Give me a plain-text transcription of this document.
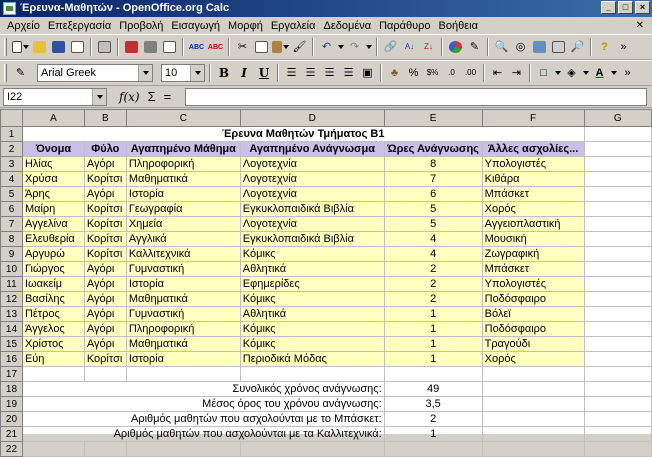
Έρευνα-Μαθητών - OpenOffice.org Calc	_	□	×
Αρχείο Επεξεργασία Προβολή Εισαγωγή Μορφή Εργαλεία Δεδομένα Παράθυρο Βοήθεια	✕
ABC ABC	✂	🖌	↶	↷	🔗 A↓	Z↓	✎	🔍 ◎	🔎	?	»
✎	Arial Greek	10	B	I U	☰ ☰ ☰ ☰ ▣	♣ %	$%	.0	.00	⇤ ⇥	□	◈	A	»
I22	f(x) Σ =
	A	B	C	D	E	F	G
1	Έρευνα Μαθητών Τμήματος Β1						
2	Όνομα	Φύλο	Αγαπημένο Μάθημα	Αγαπημένο Ανάγνωσμα	Ώρες Ανάγνωσης	Άλλες ασχολίες...	
3	Ηλίας	Αγόρι	Πληροφορική	Λογοτεχνία	8	Υπολογιστές	
4	Χρύσα	Κορίτσι	Μαθηματικά	Λογοτεχνία	7	Κιθάρα	
5	Άρης	Αγόρι	Ιστορία	Λογοτεχνία	6	Μπάσκετ	
6	Μαίρη	Κορίτσι	Γεωγραφία	Εγκυκλοπαιδικά Βιβλία	5	Χορός	
7	Αγγελίνα	Κορίτσι	Χημεία	Λογοτεχνία	5	Αγγειοπλαστική	
8	Ελευθερία	Κορίτσι	Αγγλικά	Εγκυκλοπαιδικά Βιβλία	4	Μουσική	
9	Αργυρώ	Κορίτσι	Καλλιτεχνικά	Κόμικς	4	Ζωγραφική	
10	Γιώργος	Αγόρι	Γυμναστική	Αθλητικά	2	Μπάσκετ	
11	Ιωακείμ	Αγόρι	Ιστορία	Εφημερίδες	2	Υπολογιστές	
12	Βασίλης	Αγόρι	Μαθηματικά	Κόμικς	2	Ποδόσφαιρο	
13	Πέτρος	Αγόρι	Γυμναστική	Αθλητικά	1	Βόλεϊ	
14	Άγγελος	Αγόρι	Πληροφορική	Κόμικς	1	Ποδόσφαιρο	
15	Χρίστος	Αγόρι	Μαθηματικά	Κόμικς	1	Τραγούδι	
16	Εύη	Κορίτσι	Ιστορία	Περιοδικά Μόδας	1	Χορός	
17							
18	Συνολικός χρόνος ανάγνωσης:				49		
19	Μέσος όρος του χρόνου ανάγνωσης:				3,5		
20	Αριθμός μαθητών που ασχολούνται με το Μπάσκετ:				2		
21	Αριθμός μαθητών που ασχολούνται με τα Καλλιτεχνικά:				1		
22							
